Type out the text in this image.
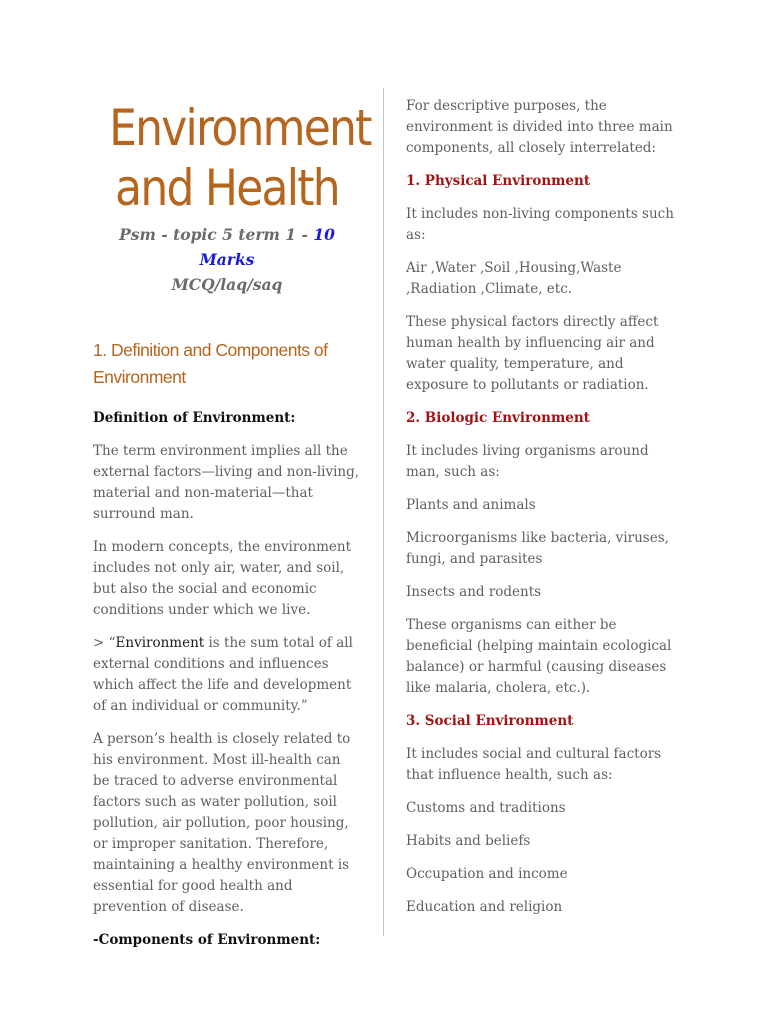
Environment
and Health
Psm - topic 5 term 1 - 10 Marks
MCQ/laq/saq
1. Definition and Components of Environment

Definition of Environment:

The term environment implies all the external factors—living and non-living, material and non-material—that surround man.

In modern concepts, the environment includes not only air, water, and soil, but also the social and economic conditions under which we live.

> “Environment is the sum total of all external conditions and influences which affect the life and development of an individual or community.”

A person’s health is closely related to his environment. Most ill-health can be traced to adverse environmental factors such as water pollution, soil pollution, air pollution, poor housing, or improper sanitation. Therefore, maintaining a healthy environment is essential for good health and prevention of disease.

-Components of Environment:

For descriptive purposes, the environment is divided into three main components, all closely interrelated:

1. Physical Environment

It includes non-living components such as:

Air ,Water ,Soil ,Housing,Waste ,Radiation ,Climate, etc.

These physical factors directly affect human health by influencing air and water quality, temperature, and exposure to pollutants or radiation.

2. Biologic Environment

It includes living organisms around man, such as:

Plants and animals

Microorganisms like bacteria, viruses, fungi, and parasites

Insects and rodents

These organisms can either be beneficial (helping maintain ecological balance) or harmful (causing diseases like malaria, cholera, etc.).

3. Social Environment

It includes social and cultural factors that influence health, such as:

Customs and traditions

Habits and beliefs

Occupation and income

Education and religion
